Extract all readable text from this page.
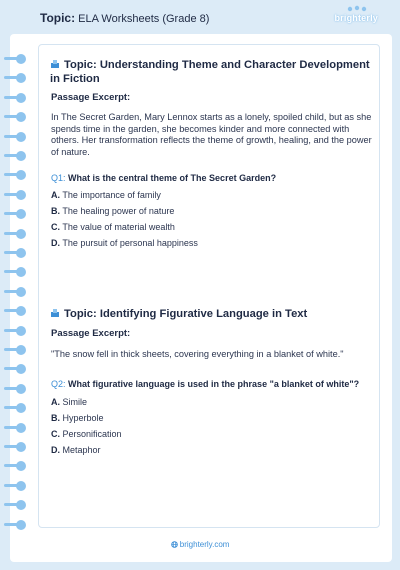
Topic: ELA Worksheets (Grade 8)	brighterly
Topic: Understanding Theme and Character Development in Fiction
Passage Excerpt:
In The Secret Garden, Mary Lennox starts as a lonely, spoiled child, but as she spends time in the garden, she becomes kinder and more connected with others. Her transformation reflects the theme of growth, healing, and the power of nature.
Q1: What is the central theme of The Secret Garden?
A. The importance of family
B. The healing power of nature
C. The value of material wealth
D. The pursuit of personal happiness
Topic: Identifying Figurative Language in Text
Passage Excerpt:
"The snow fell in thick sheets, covering everything in a blanket of white."
Q2: What figurative language is used in the phrase "a blanket of white"?
A. Simile
B. Hyperbole
C. Personification
D. Metaphor
brighterly.com
